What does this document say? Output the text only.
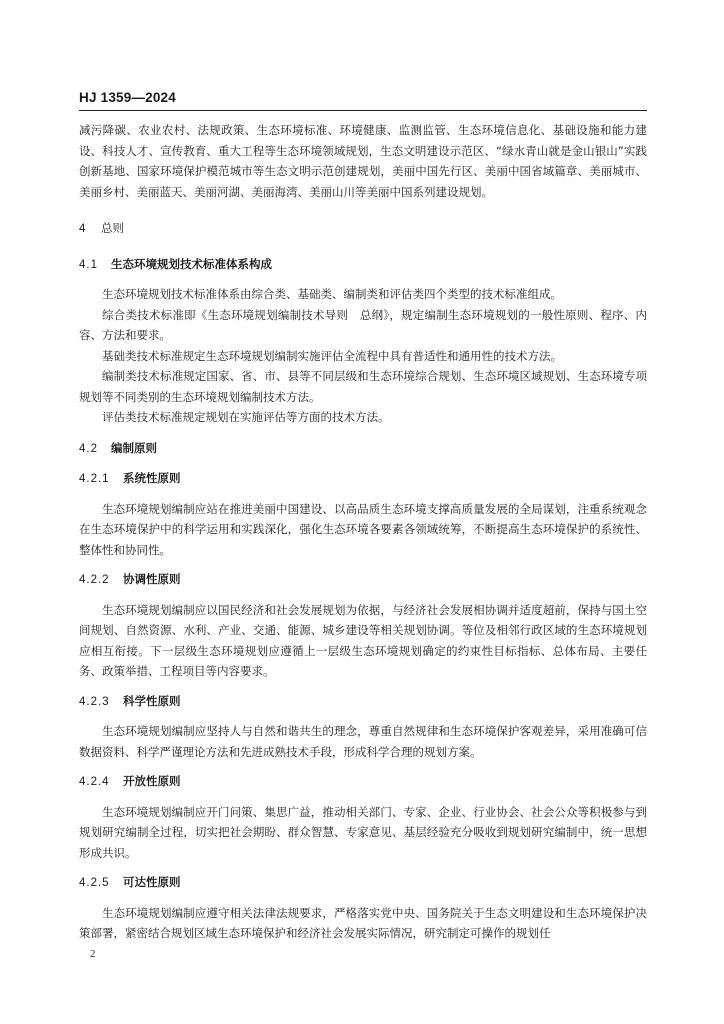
HJ 1359—2024

减污降碳、农业农村、法规政策、生态环境标准、环境健康、监测监管、生态环境信息化、基础设施和能力建设、科技人才、宣传教育、重大工程等生态环境领域规划，生态文明建设示范区、“绿水青山就是金山银山”实践创新基地、国家环境保护模范城市等生态文明示范创建规划，美丽中国先行区、美丽中国省域篇章、美丽城市、美丽乡村、美丽蓝天、美丽河湖、美丽海湾、美丽山川等美丽中国系列建设规划。

4 总则

4.1 生态环境规划技术标准体系构成

生态环境规划技术标准体系由综合类、基础类、编制类和评估类四个类型的技术标准组成。

综合类技术标准即《生态环境规划编制技术导则　总纲》，规定编制生态环境规划的一般性原则、程序、内容、方法和要求。

基础类技术标准规定生态环境规划编制实施评估全流程中具有普适性和通用性的技术方法。

编制类技术标准规定国家、省、市、县等不同层级和生态环境综合规划、生态环境区域规划、生态环境专项规划等不同类别的生态环境规划编制技术方法。

评估类技术标准规定规划在实施评估等方面的技术方法。

4.2 编制原则

4.2.1 系统性原则

生态环境规划编制应站在推进美丽中国建设、以高品质生态环境支撑高质量发展的全局谋划，注重系统观念在生态环境保护中的科学运用和实践深化，强化生态环境各要素各领域统筹，不断提高生态环境保护的系统性、整体性和协同性。

4.2.2 协调性原则

生态环境规划编制应以国民经济和社会发展规划为依据，与经济社会发展相协调并适度超前，保持与国土空间规划、自然资源、水利、产业、交通、能源、城乡建设等相关规划协调。等位及相邻行政区域的生态环境规划应相互衔接。下一层级生态环境规划应遵循上一层级生态环境规划确定的约束性目标指标、总体布局、主要任务、政策举措、工程项目等内容要求。

4.2.3 科学性原则

生态环境规划编制应坚持人与自然和谐共生的理念，尊重自然规律和生态环境保护客观差异，采用准确可信数据资料、科学严谨理论方法和先进成熟技术手段，形成科学合理的规划方案。

4.2.4 开放性原则

生态环境规划编制应开门问策、集思广益，推动相关部门、专家、企业、行业协会、社会公众等积极参与到规划研究编制全过程，切实把社会期盼、群众智慧、专家意见、基层经验充分吸收到规划研究编制中，统一思想形成共识。

4.2.5 可达性原则

生态环境规划编制应遵守相关法律法规要求，严格落实党中央、国务院关于生态文明建设和生态环境保护决策部署，紧密结合规划区域生态环境保护和经济社会发展实际情况，研究制定可操作的规划任

2
